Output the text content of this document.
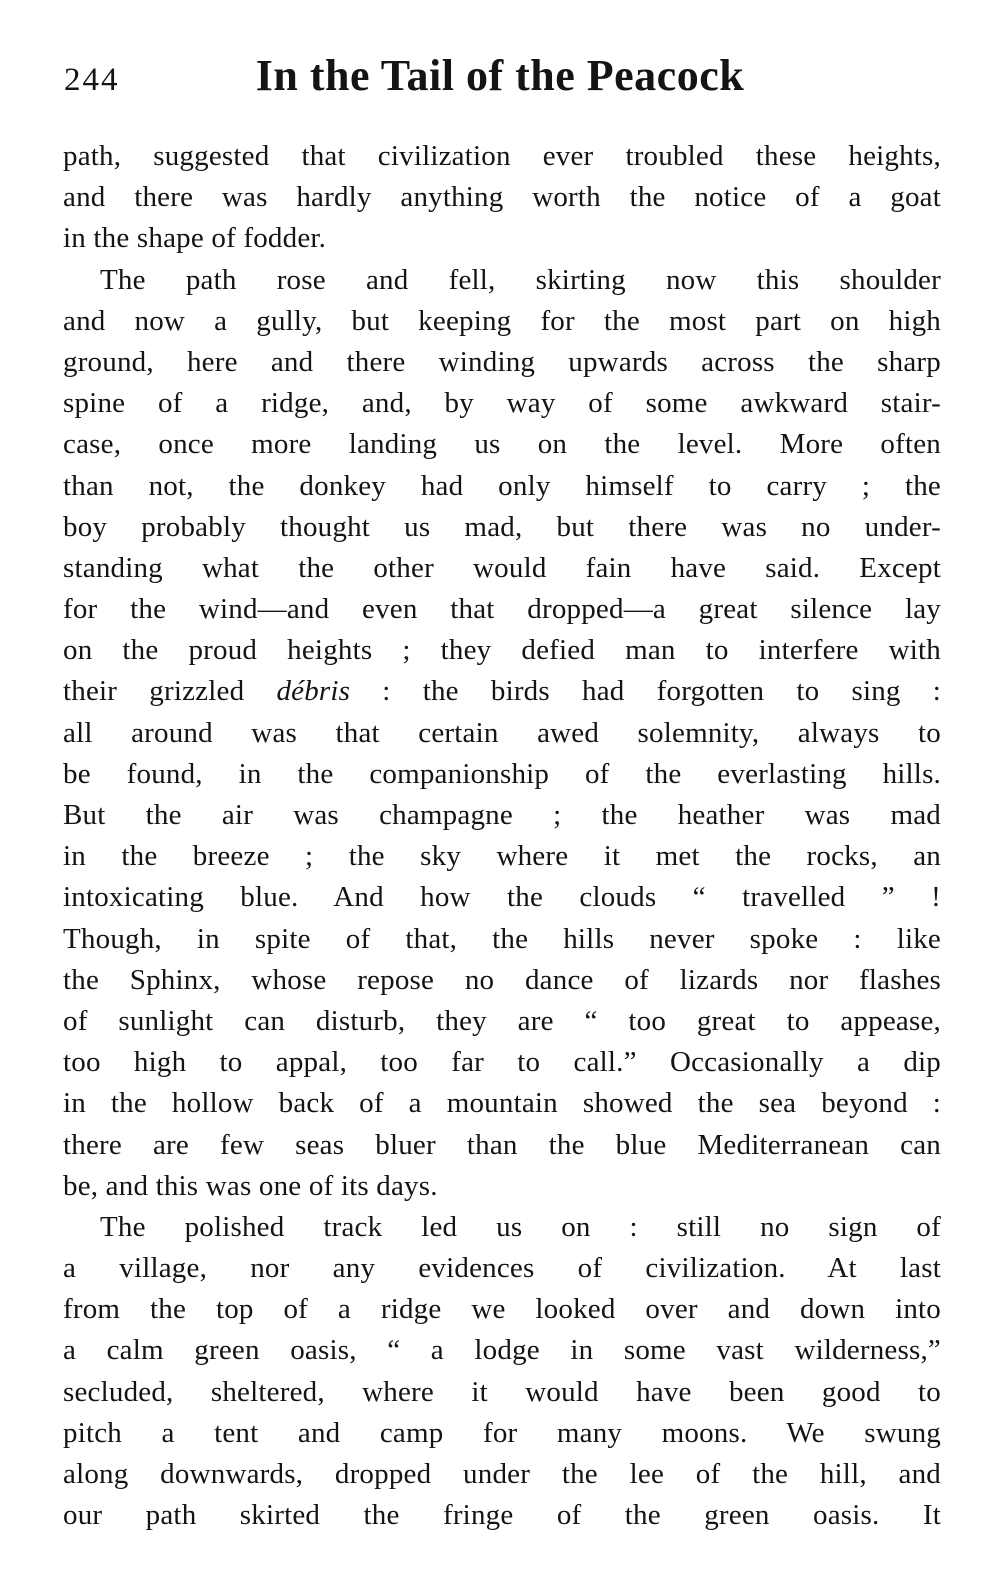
244	In the Tail of the Peacock
path, suggested that civilization ever troubled these heights,
and there was hardly anything worth the notice of a goat
in the shape of fodder.
The path rose and fell, skirting now this shoulder
and now a gully, but keeping for the most part on high
ground, here and there winding upwards across the sharp
spine of a ridge, and, by way of some awkward stair-
case, once more landing us on the level. More often
than not, the donkey had only himself to carry ; the
boy probably thought us mad, but there was no under-
standing what the other would fain have said. Except
for the wind—and even that dropped—a great silence lay
on the proud heights ; they defied man to interfere with
their grizzled débris : the birds had forgotten to sing :
all around was that certain awed solemnity, always to
be found, in the companionship of the everlasting hills.
But the air was champagne ; the heather was mad
in the breeze ; the sky where it met the rocks, an
intoxicating blue. And how the clouds “ travelled ” !
Though, in spite of that, the hills never spoke : like
the Sphinx, whose repose no dance of lizards nor flashes
of sunlight can disturb, they are “ too great to appease,
too high to appal, too far to call.” Occasionally a dip
in the hollow back of a mountain showed the sea beyond :
there are few seas bluer than the blue Mediterranean can
be, and this was one of its days.
The polished track led us on : still no sign of
a village, nor any evidences of civilization. At last
from the top of a ridge we looked over and down into
a calm green oasis, “ a lodge in some vast wilderness,”
secluded, sheltered, where it would have been good to
pitch a tent and camp for many moons. We swung
along downwards, dropped under the lee of the hill, and
our path skirted the fringe of the green oasis. It
